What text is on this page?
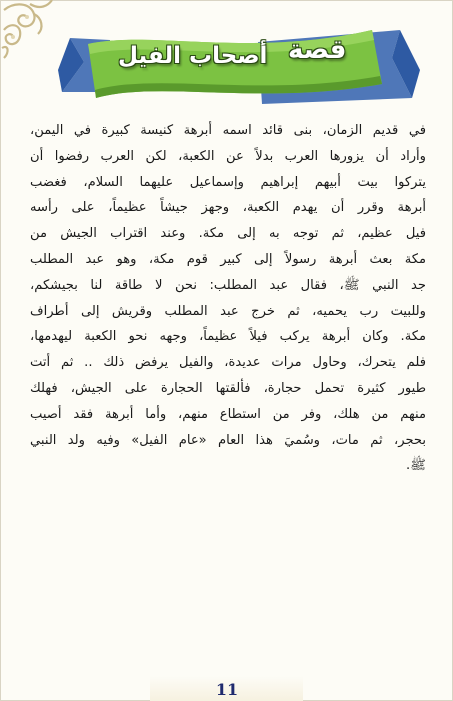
قصة
أصحاب الفيل
في قديم الزمان، بنى قائد اسمه أبرهة كنيسة كبيرة في اليمن،
وأراد أن يزورها العرب بدلاً عن الكعبة، لكن العرب رفضوا أن
يتركوا بيت أبيهم إبراهيم وإسماعيل عليهما السلام، فغضب
أبرهة وقرر أن يهدم الكعبة، وجهز جيشاً عظيماً، على رأسه
فيل عظيم، ثم توجه به إلى مكة. وعند اقتراب الجيش من
مكة بعث أبرهة رسولاً إلى كبير قوم مكة، وهو عبد المطلب
جد النبي ﷺ، فقال عبد المطلب: نحن لا طاقة لنا بجيشكم،
وللبيت رب يحميه، ثم خرج عبد المطلب وقريش إلى أطراف
مكة. وكان أبرهة يركب فيلاً عظيماً، وجهه نحو الكعبة ليهدمها،
فلم يتحرك، وحاول مرات عديدة، والفيل يرفض ذلك .. ثم أتت
طيور كثيرة تحمل حجارة، فألقتها الحجارة على الجيش، فهلك
منهم من هلك، وفر من استطاع منهم، وأما أبرهة فقد أصيب
بحجر، ثم مات، وسُميَ هذا العام «عام الفيل» وفيه ولد النبي
ﷺ.
11
